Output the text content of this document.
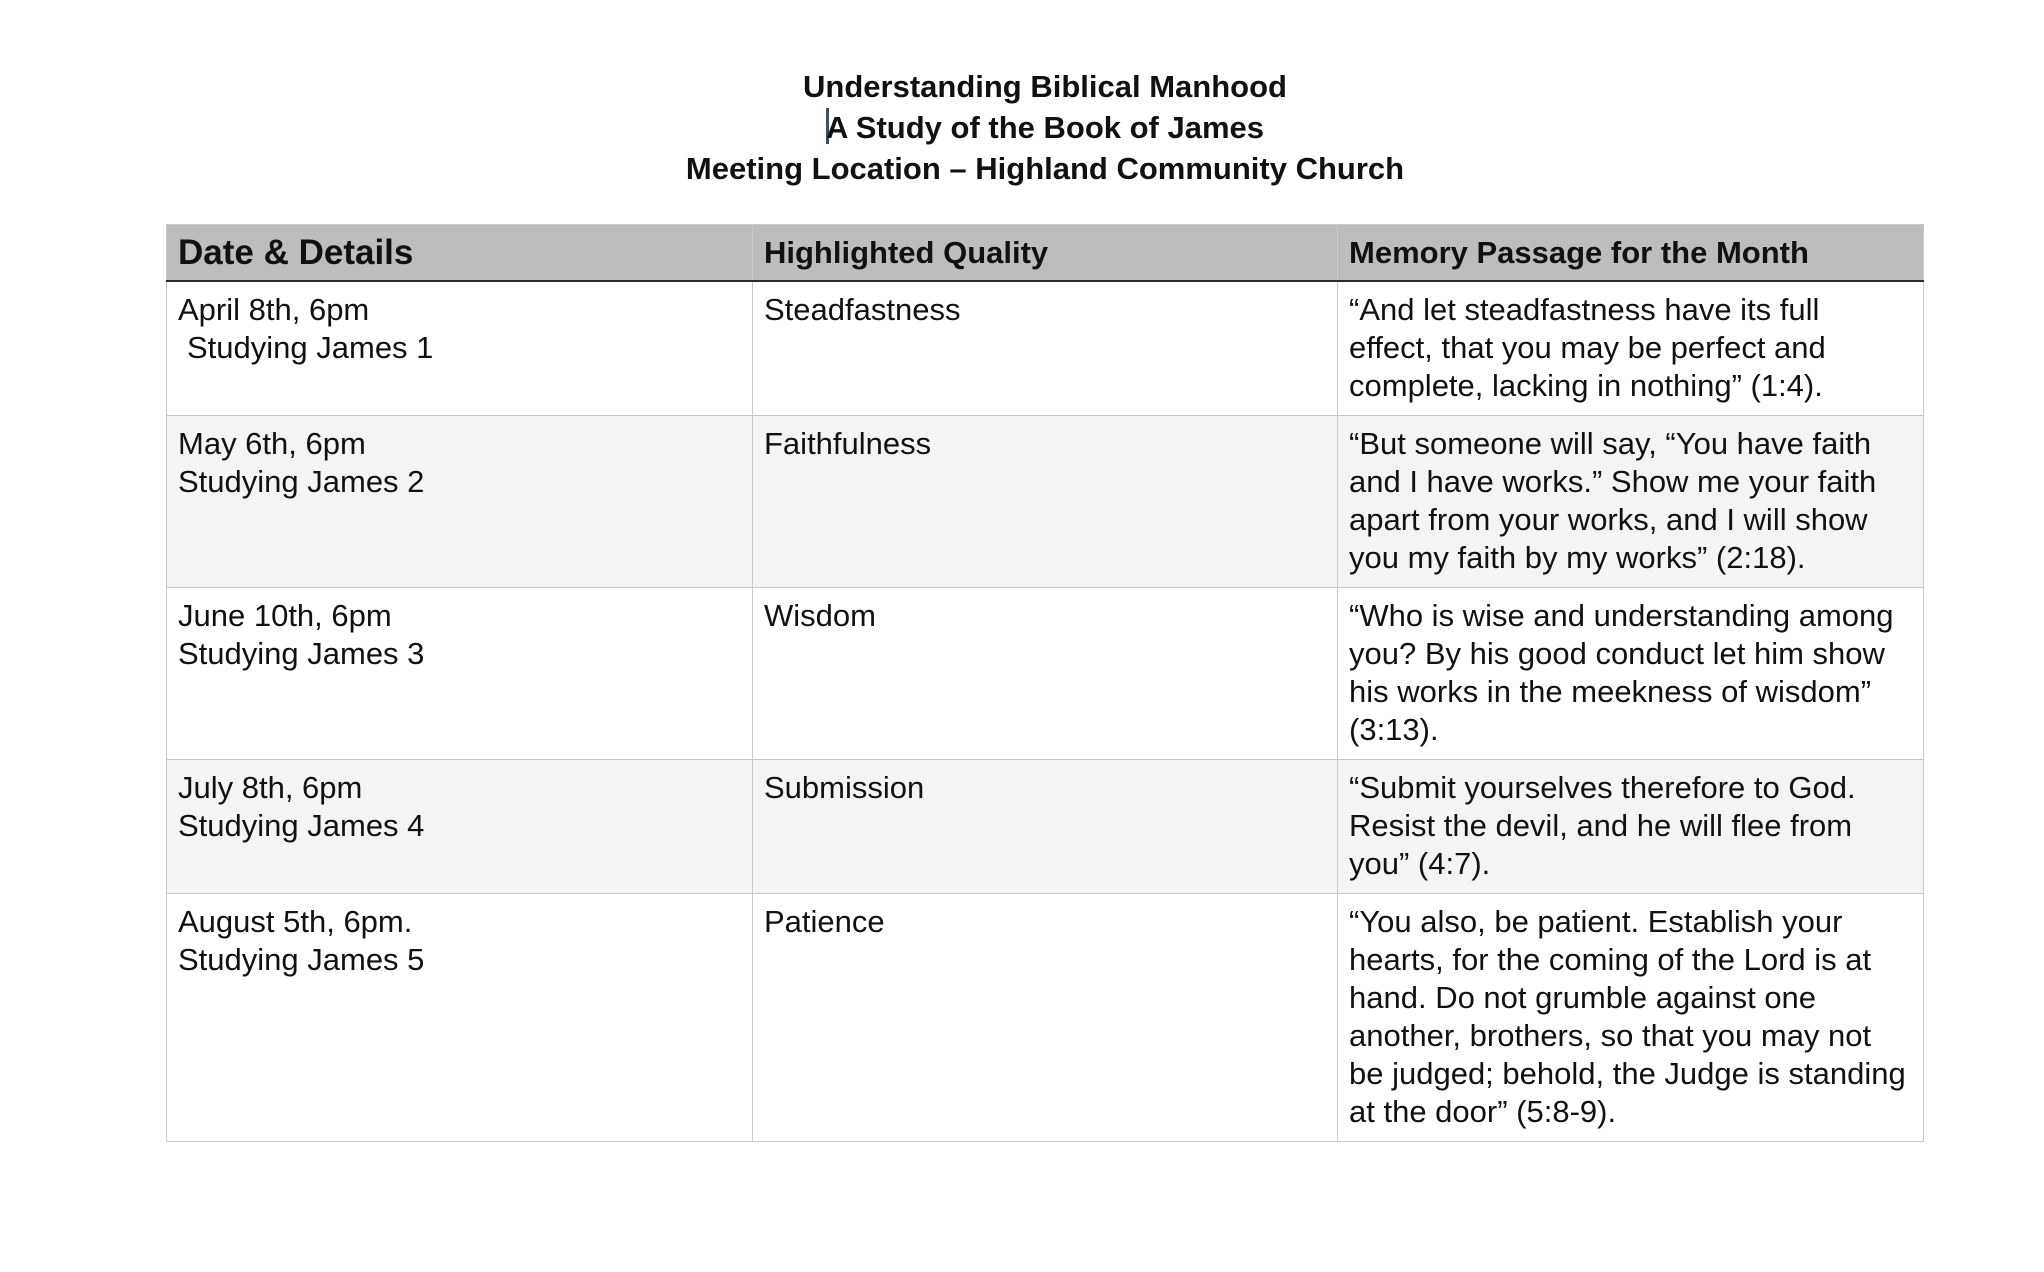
Understanding Biblical Manhood
A Study of the Book of James
Meeting Location – Highland Community Church
Date & Details	Highlighted Quality	Memory Passage for the Month

April 8th, 6pm
Studying James 1	Steadfastness	“And let steadfastness have its full effect, that you may be perfect and complete, lacking in nothing” (1:4).

May 6th, 6pm
Studying James 2	Faithfulness	“But someone will say, “You have faith and I have works.” Show me your faith apart from your works, and I will show you my faith by my works” (2:18).

June 10th, 6pm
Studying James 3	Wisdom	“Who is wise and understanding among you? By his good conduct let him show his works in the meekness of wisdom” (3:13).

July 8th, 6pm
Studying James 4	Submission	“Submit yourselves therefore to God. Resist the devil, and he will flee from you” (4:7).

August 5th, 6pm.
Studying James 5	Patience	“You also, be patient. Establish your hearts, for the coming of the Lord is at hand. Do not grumble against one another, brothers, so that you may not be judged; behold, the Judge is standing at the door” (5:8-9).
